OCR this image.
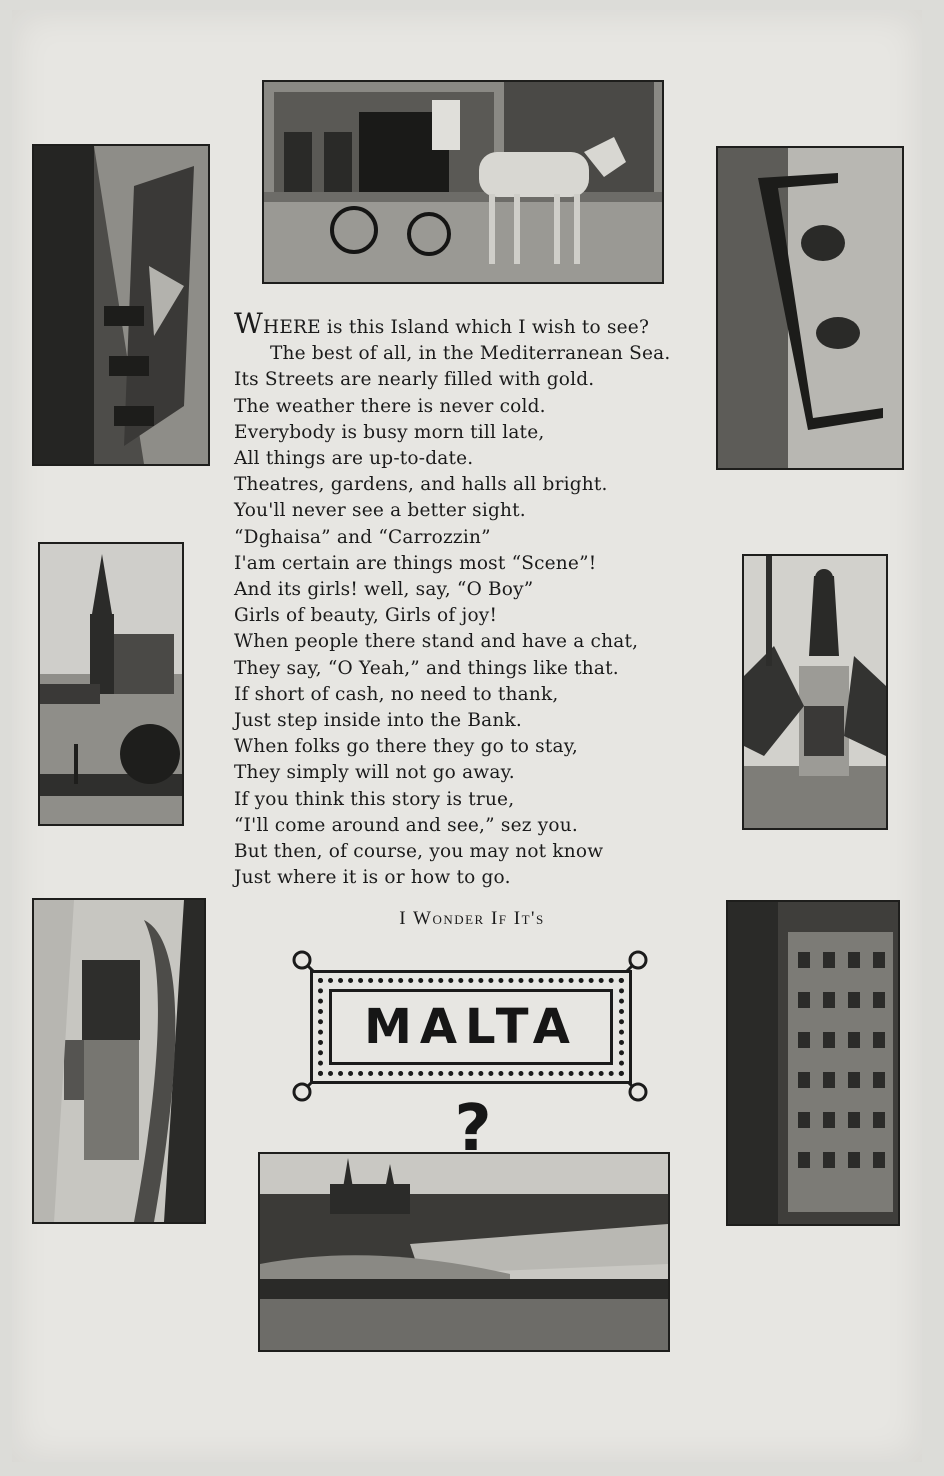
WHERE is this Island which I wish to see?
The best of all, in the Mediterranean Sea.
Its Streets are nearly filled with gold.
The weather there is never cold.
Everybody is busy morn till late,
All things are up-to-date.
Theatres, gardens, and halls all bright.
You'll never see a better sight.
“Dghaisa” and “Carrozzin”
I'am certain are things most “Scene”!
And its girls! well, say, “O Boy”
Girls of beauty, Girls of joy!
When people there stand and have a chat,
They say, “O Yeah,” and things like that.
If short of cash, no need to thank,
Just step inside into the Bank.
When folks go there they go to stay,
They simply will not go away.
If you think this story is true,
“I'll come around and see,” sez you.
But then, of course, you may not know
Just where it is or how to go.
I Wonder If It's
MALTA
?
